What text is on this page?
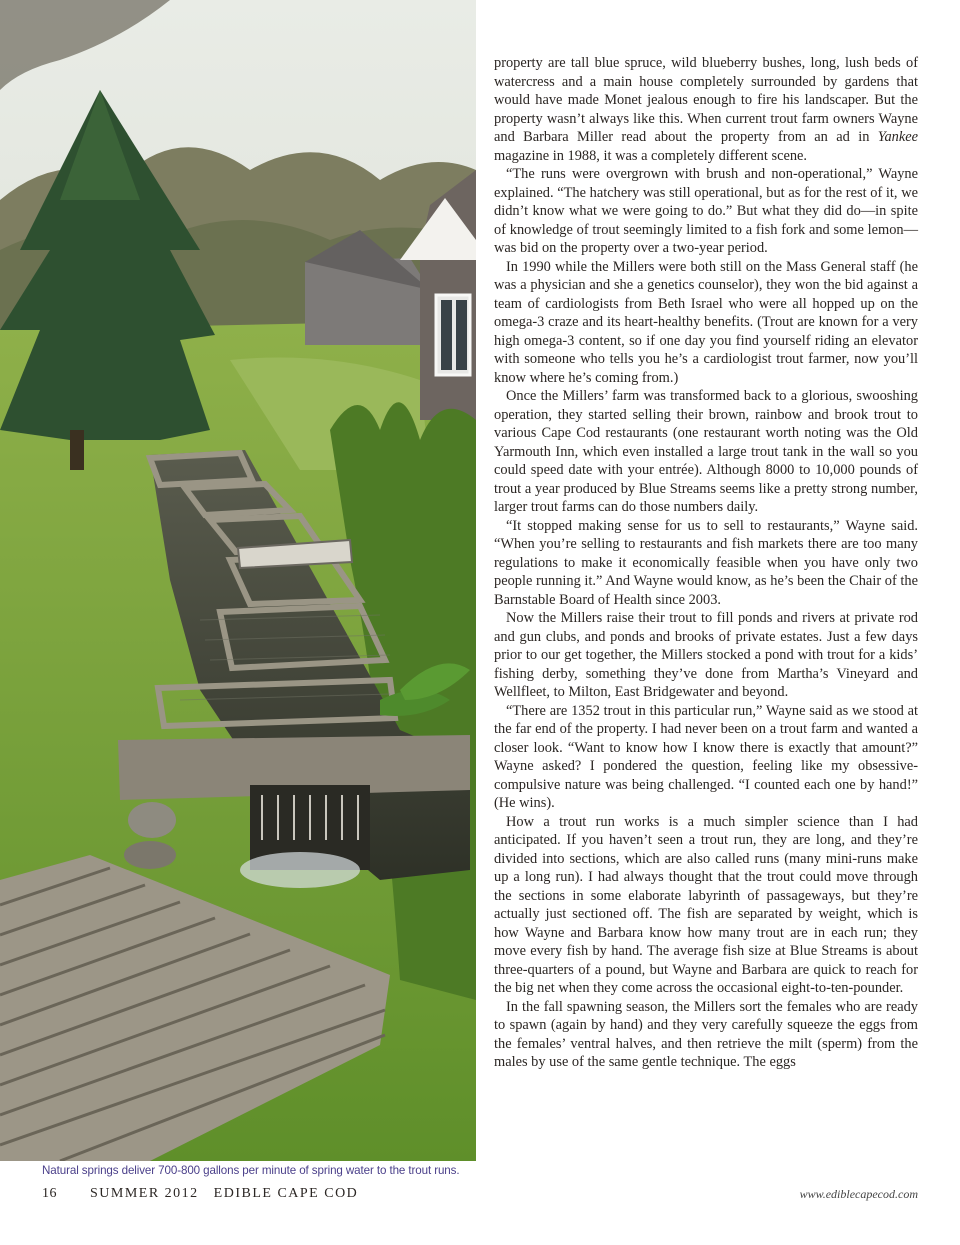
Natural springs deliver 700-800 gallons per minute of spring water to the trout runs.

property are tall blue spruce, wild blueberry bushes, long, lush beds of watercress and a main house completely surrounded by gardens that would have made Monet jealous enough to fire his landscaper. But the property wasn’t always like this. When current trout farm owners Wayne and Barbara Miller read about the property from an ad in Yankee magazine in 1988, it was a completely different scene.

“The runs were overgrown with brush and non-operational,” Wayne explained. “The hatchery was still operational, but as for the rest of it, we didn’t know what we were going to do.” But what they did do—in spite of knowledge of trout seemingly limited to a fish fork and some lemon—was bid on the property over a two-year period.

In 1990 while the Millers were both still on the Mass General staff (he was a physician and she a genetics counselor), they won the bid against a team of cardiologists from Beth Israel who were all hopped up on the omega-3 craze and its heart-healthy benefits. (Trout are known for a very high omega-3 content, so if one day you find yourself riding an elevator with someone who tells you he’s a cardiologist trout farmer, now you’ll know where he’s coming from.)

Once the Millers’ farm was transformed back to a glorious, swooshing operation, they started selling their brown, rainbow and brook trout to various Cape Cod restaurants (one restaurant worth noting was the Old Yarmouth Inn, which even installed a large trout tank in the wall so you could speed date with your entrée). Although 8000 to 10,000 pounds of trout a year produced by Blue Streams seems like a pretty strong number, larger trout farms can do those numbers daily.

“It stopped making sense for us to sell to restaurants,” Wayne said. “When you’re selling to restaurants and fish markets there are too many regulations to make it economically feasible when you have only two people running it.” And Wayne would know, as he’s been the Chair of the Barnstable Board of Health since 2003.

Now the Millers raise their trout to fill ponds and rivers at private rod and gun clubs, and ponds and brooks of private estates. Just a few days prior to our get together, the Millers stocked a pond with trout for a kids’ fishing derby, something they’ve done from Martha’s Vineyard and Wellfleet, to Milton, East Bridgewater and beyond.

“There are 1352 trout in this particular run,” Wayne said as we stood at the far end of the property. I had never been on a trout farm and wanted a closer look. “Want to know how I know there is exactly that amount?” Wayne asked? I pondered the question, feeling like my obsessive-compulsive nature was being challenged. “I counted each one by hand!” (He wins).

How a trout run works is a much simpler science than I had anticipated. If you haven’t seen a trout run, they are long, and they’re divided into sections, which are also called runs (many mini-runs make up a long run). I had always thought that the trout could move through the sections in some elaborate labyrinth of passageways, but they’re actually just sectioned off. The fish are separated by weight, which is how Wayne and Barbara know how many trout are in each run; they move every fish by hand. The average fish size at Blue Streams is about three-quarters of a pound, but Wayne and Barbara are quick to reach for the big net when they come across the occasional eight-to-ten-pounder.

In the fall spawning season, the Millers sort the females who are ready to spawn (again by hand) and they very carefully squeeze the eggs from the females’ ventral halves, and then retrieve the milt (sperm) from the males by use of the same gentle technique. The eggs

16 SUMMER 2012   EDIBLE CAPE COD	www.ediblecapecod.com
